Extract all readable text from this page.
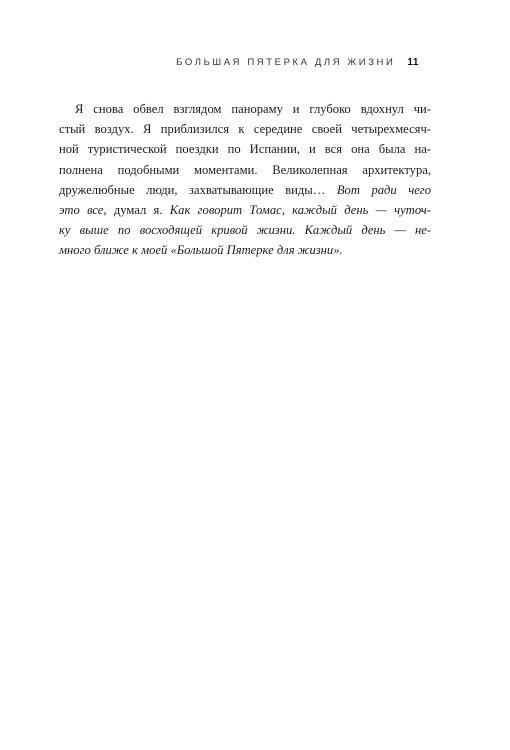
БОЛЬШАЯ ПЯТЕРКА ДЛЯ ЖИЗНИ 11
Я снова обвел взглядом панораму и глубоко вдохнул чи-
стый воздух. Я приблизился к середине своей четырехмесяч-
ной туристической поездки по Испании, и вся она была на-
полнена подобными моментами. Великолепная архитектура,
дружелюбные люди, захватывающие виды… Вот ради чего
это все, думал я. Как говорит Томас, каждый день — чуточ-
ку выше по восходящей кривой жизни. Каждый день — не-
много ближе к моей «Большой Пятерке для жизни».
